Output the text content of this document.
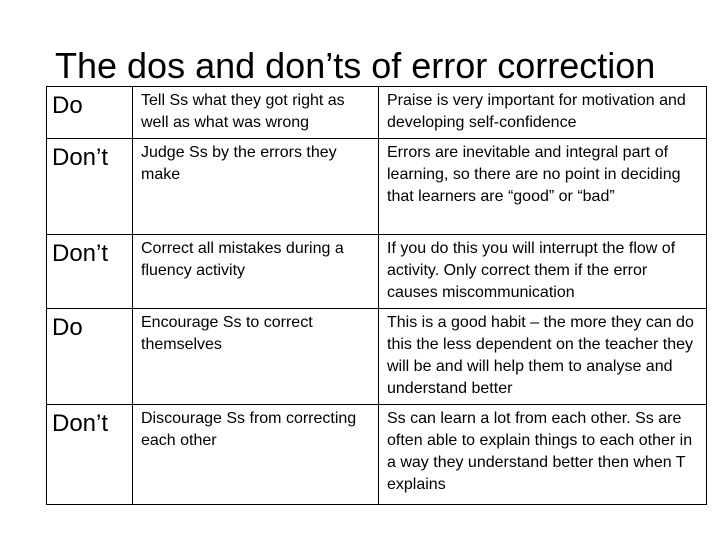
The dos and don’ts of error correction
Do	Tell Ss what they got right as well as what was wrong	Praise is very important for motivation and developing self-confidence
Don’t	Judge Ss by the errors they make	Errors are inevitable and integral part of learning, so there are no point in deciding that learners are “good” or “bad”
Don’t	Correct all mistakes during a fluency activity	If you do this you will interrupt the flow of activity. Only correct them if the error causes miscommunication
Do	Encourage Ss to correct themselves	This is a good habit – the more they can do this the less dependent on the teacher they will be and will help them to analyse and understand better
Don’t	Discourage Ss from correcting each other	Ss can learn a lot from each other. Ss are often able to explain things to each other in a way they understand better then when T explains
